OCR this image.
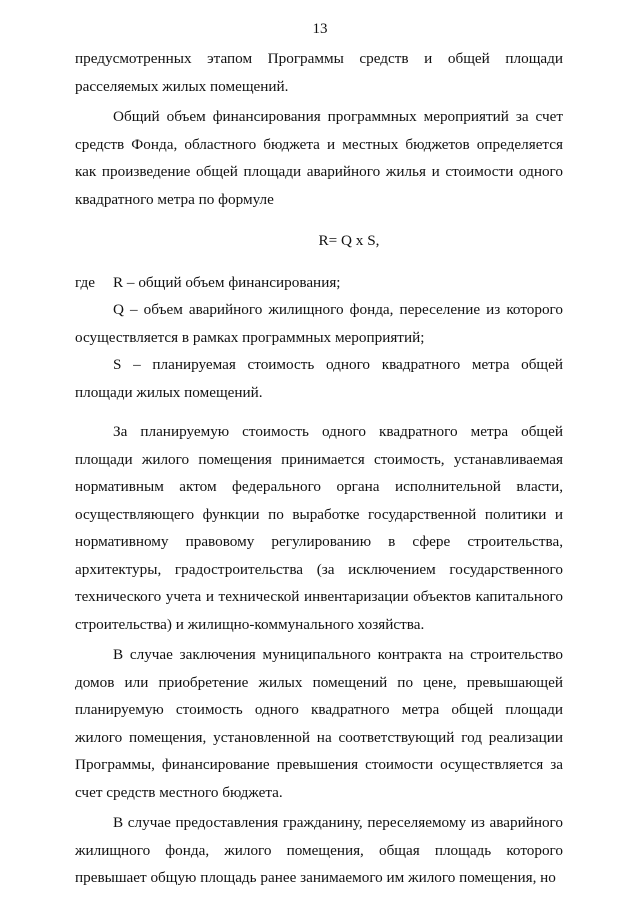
13

предусмотренных этапом Программы средств и общей площади расселяемых жилых помещений.

Общий объем финансирования программных мероприятий за счет средств Фонда, областного бюджета и местных бюджетов определяется как произведение общей площади аварийного жилья и стоимости одного квадратного метра по формуле

R= Q x S,

где R – общий объем финансирования;

Q – объем аварийного жилищного фонда, переселение из которого осуществляется в рамках программных мероприятий;

S – планируемая стоимость одного квадратного метра общей площади жилых помещений.

За планируемую стоимость одного квадратного метра общей площади жилого помещения принимается стоимость, устанавливаемая нормативным актом федерального органа исполнительной власти, осуществляющего функции по выработке государственной политики и нормативному правовому регулированию в сфере строительства, архитектуры, градостроительства (за исключением государственного технического учета и технической инвентаризации объектов капитального строительства) и жилищно-коммунального хозяйства.

В случае заключения муниципального контракта на строительство домов или приобретение жилых помещений по цене, превышающей планируемую стоимость одного квадратного метра общей площади жилого помещения, установленной на соответствующий год реализации Программы, финансирование превышения стоимости осуществляется за счет средств местного бюджета.

В случае предоставления гражданину, переселяемому из аварийного жилищного фонда, жилого помещения, общая площадь которого превышает общую площадь ранее занимаемого им жилого помещения, но
